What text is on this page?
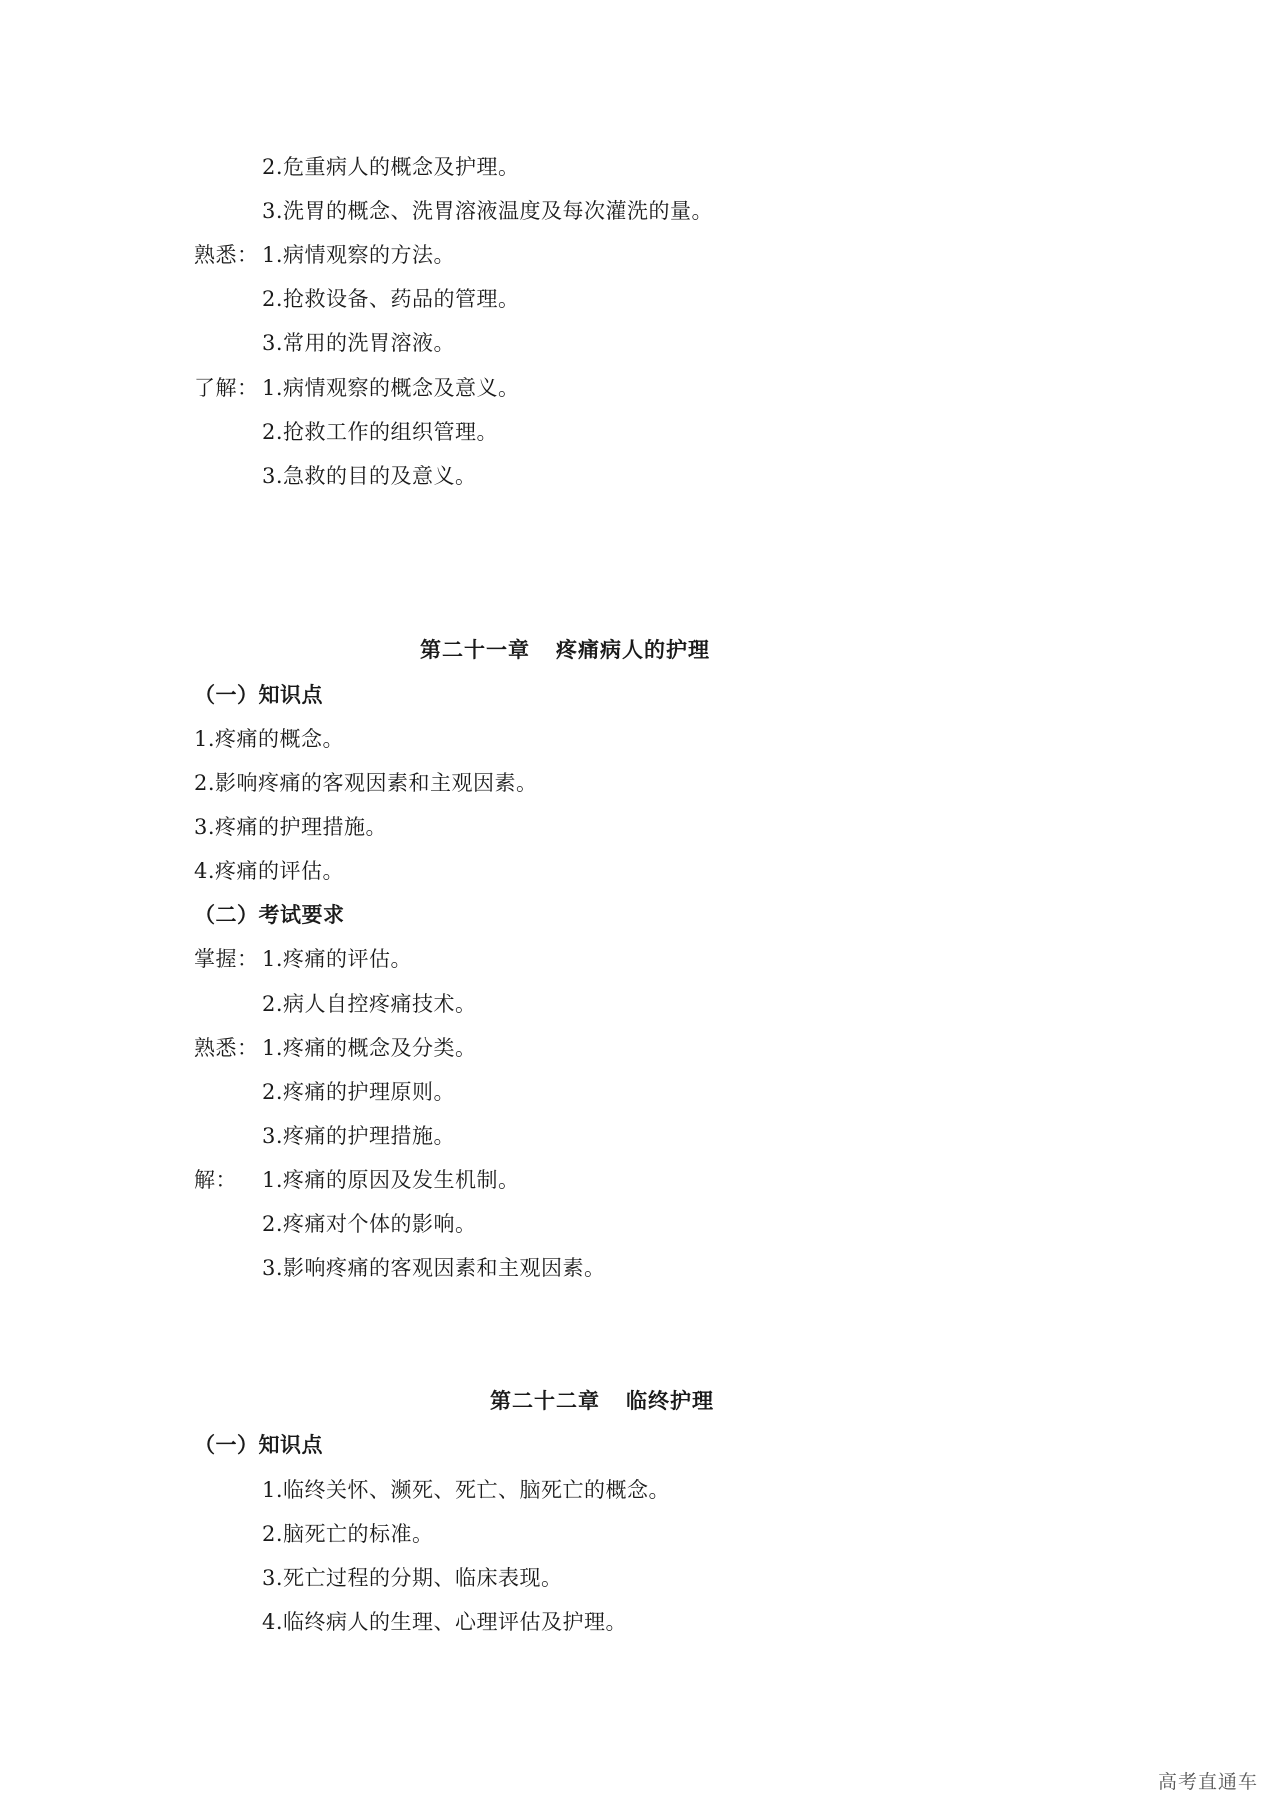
2.危重病人的概念及护理。
3.洗胃的概念、洗胃溶液温度及每次灌洗的量。
熟悉： 1.病情观察的方法。
2.抢救设备、药品的管理。
3.常用的洗胃溶液。
了解： 1.病情观察的概念及意义。
2.抢救工作的组织管理。
3.急救的目的及意义。
第二十一章 疼痛病人的护理
（一）知识点
1.疼痛的概念。
2.影响疼痛的客观因素和主观因素。
3.疼痛的护理措施。
4.疼痛的评估。
（二）考试要求
掌握： 1.疼痛的评估。
2.病人自控疼痛技术。
熟悉： 1.疼痛的概念及分类。
2.疼痛的护理原则。
3.疼痛的护理措施。
解： 1.疼痛的原因及发生机制。
2.疼痛对个体的影响。
3.影响疼痛的客观因素和主观因素。
第二十二章 临终护理
（一）知识点
1.临终关怀、濒死、死亡、脑死亡的概念。
2.脑死亡的标准。
3.死亡过程的分期、临床表现。
4.临终病人的生理、心理评估及护理。
高考直通车
